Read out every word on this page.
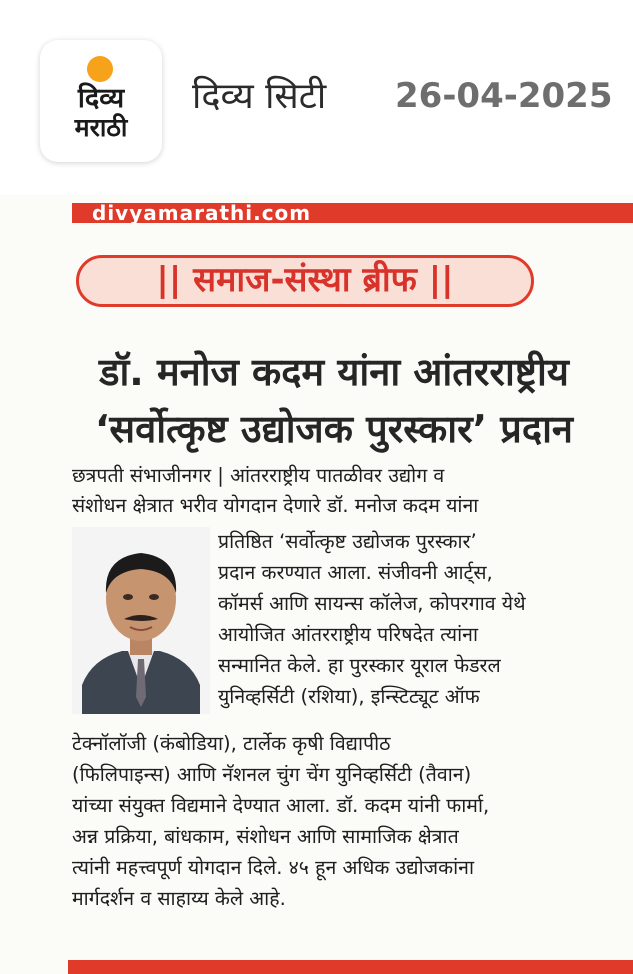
दिव्य
मराठी
दिव्य सिटी 26-04-2025
divyamarathi.com
|| समाज-संस्था ब्रीफ ||
डॉ. मनोज कदम यांना आंतरराष्ट्रीय
‘सर्वोत्कृष्ट उद्योजक पुरस्कार’ प्रदान
छत्रपती संभाजीनगर | आंतरराष्ट्रीय पातळीवर उद्योग व
संशोधन क्षेत्रात भरीव योगदान देणारे डॉ. मनोज कदम यांना
प्रतिष्ठित ‘सर्वोत्कृष्ट उद्योजक पुरस्कार’
प्रदान करण्यात आला. संजीवनी आर्ट्स,
कॉमर्स आणि सायन्स कॉलेज, कोपरगाव येथे
आयोजित आंतरराष्ट्रीय परिषदेत त्यांना
सन्मानित केले. हा पुरस्कार यूराल फेडरल
युनिव्हर्सिटी (रशिया), इन्स्टिट्यूट ऑफ
टेक्नॉलॉजी (कंबोडिया), टार्लेक कृषी विद्यापीठ
(फिलिपाइन्स) आणि नॅशनल चुंग चेंग युनिव्हर्सिटी (तैवान)
यांच्या संयुक्त विद्यमाने देण्यात आला. डॉ. कदम यांनी फार्मा,
अन्न प्रक्रिया, बांधकाम, संशोधन आणि सामाजिक क्षेत्रात
त्यांनी महत्त्वपूर्ण योगदान दिले. ४५ हून अधिक उद्योजकांना
मार्गदर्शन व साहाय्य केले आहे.
